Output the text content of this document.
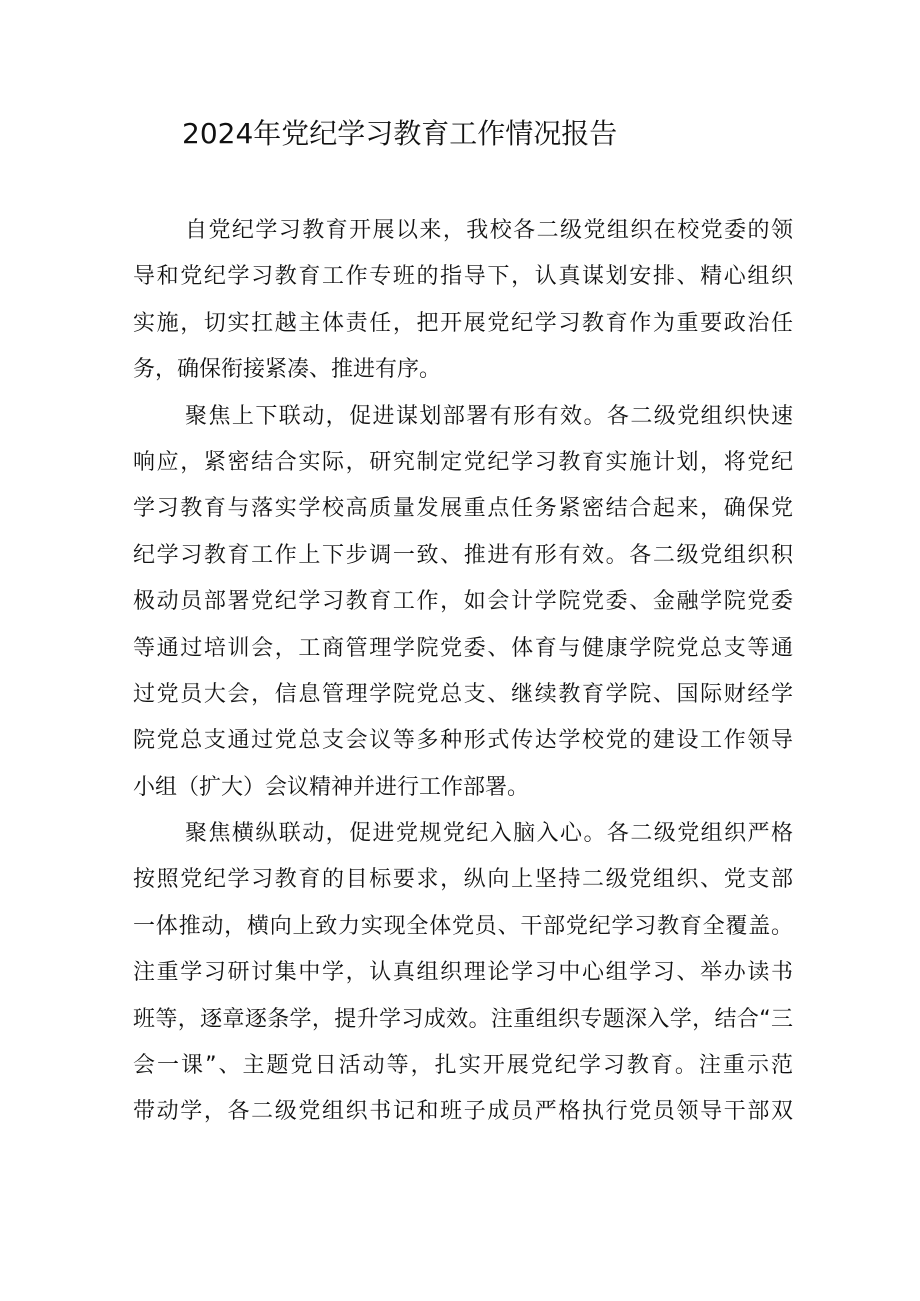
2024年党纪学习教育工作情况报告
自党纪学习教育开展以来，我校各二级党组织在校党委的领
导和党纪学习教育工作专班的指导下，认真谋划安排、精心组织
实施，切实扛越主体责任，把开展党纪学习教育作为重要政治任
务，确保衔接紧凑、推进有序。
聚焦上下联动，促进谋划部署有形有效。各二级党组织快速
响应，紧密结合实际，研究制定党纪学习教育实施计划，将党纪
学习教育与落实学校高质量发展重点任务紧密结合起来，确保党
纪学习教育工作上下步调一致、推进有形有效。各二级党组织积
极动员部署党纪学习教育工作，如会计学院党委、金融学院党委
等通过培训会，工商管理学院党委、体育与健康学院党总支等通
过党员大会，信息管理学院党总支、继续教育学院、国际财经学
院党总支通过党总支会议等多种形式传达学校党的建设工作领导
小组（扩大）会议精神并进行工作部署。
聚焦横纵联动，促进党规党纪入脑入心。各二级党组织严格
按照党纪学习教育的目标要求，纵向上坚持二级党组织、党支部
一体推动，横向上致力实现全体党员、干部党纪学习教育全覆盖。
注重学习研讨集中学，认真组织理论学习中心组学习、举办读书
班等，逐章逐条学，提升学习成效。注重组织专题深入学，结合“三
会一课”、主题党日活动等，扎实开展党纪学习教育。注重示范
带动学，各二级党组织书记和班子成员严格执行党员领导干部双
